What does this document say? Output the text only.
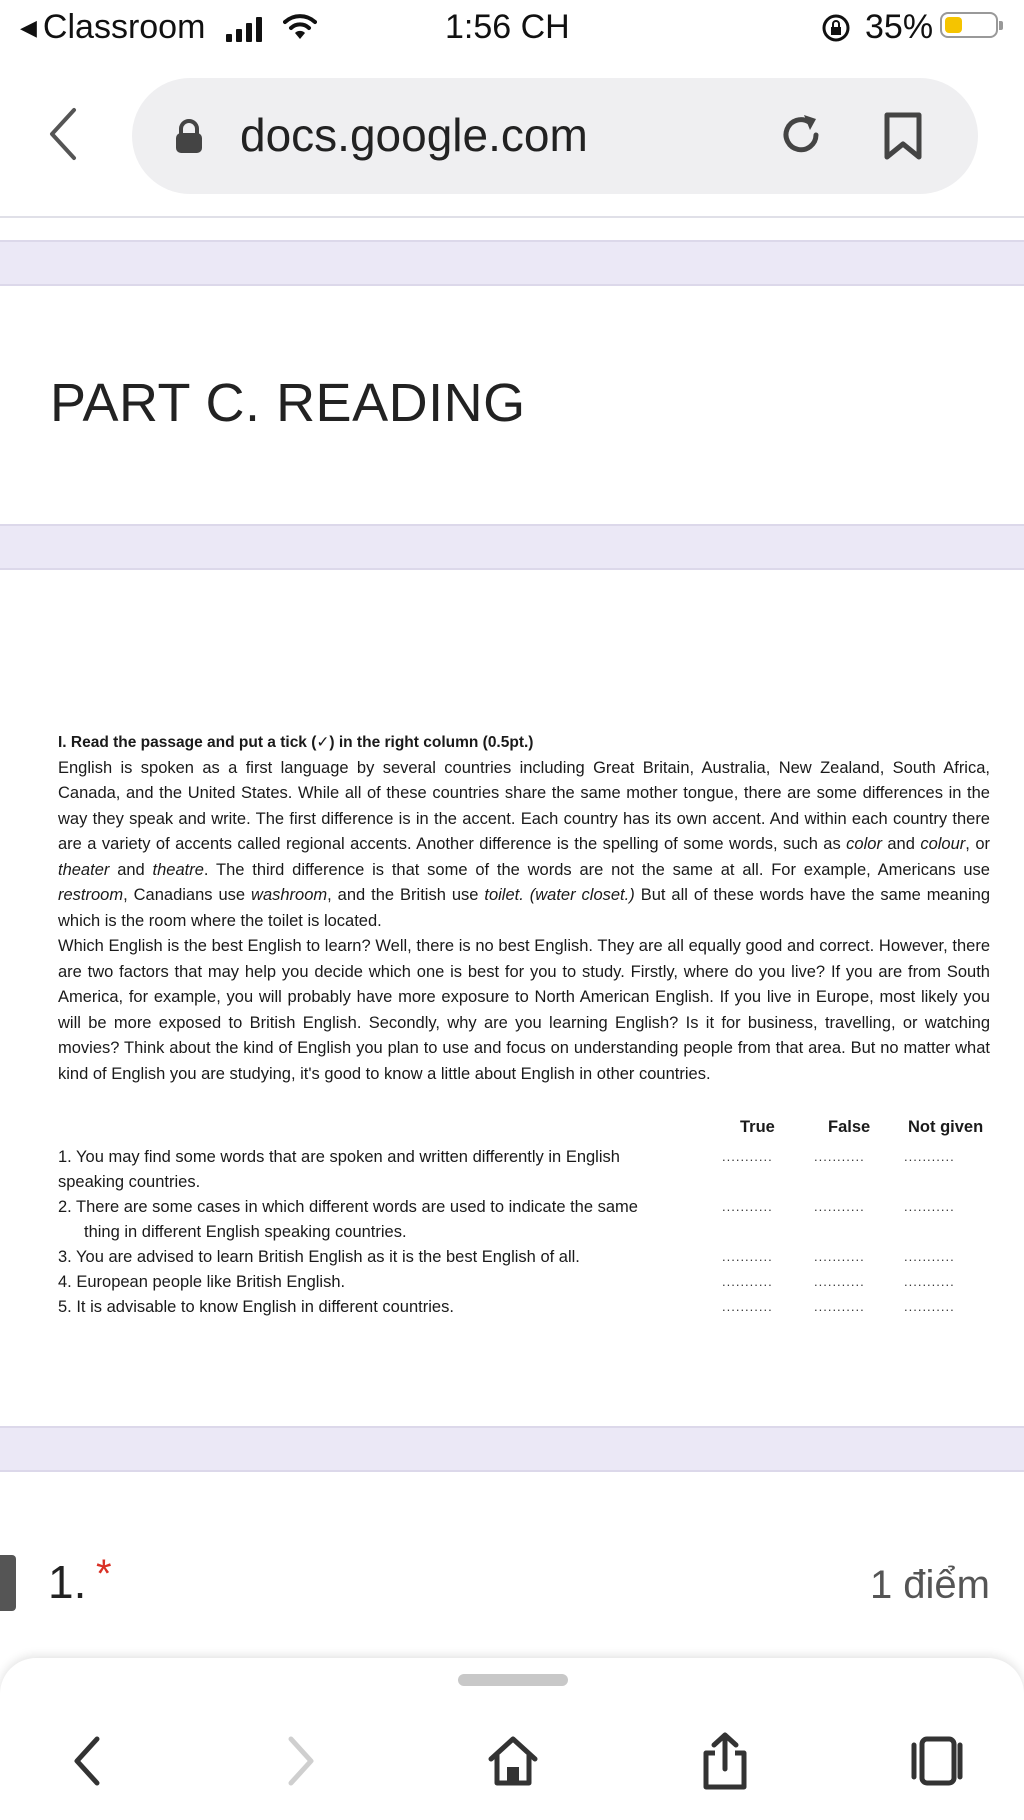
◀ Classroom	1:56 CH	35%
docs.google.com
PART C. READING

I. Read the passage and put a tick (✓) in the right column (0.5pt.)

English is spoken as a first language by several countries including Great Britain, Australia, New Zealand, South Africa, Canada, and the United States. While all of these countries share the same mother tongue, there are some differences in the way they speak and write. The first difference is in the accent. Each country has its own accent. And within each country there are a variety of accents called regional accents. Another difference is the spelling of some words, such as color and colour, or theater and theatre. The third difference is that some of the words are not the same at all. For example, Americans use restroom, Canadians use washroom, and the British use toilet. (water closet.) But all of these words have the same meaning which is the room where the toilet is located.

Which English is the best English to learn? Well, there is no best English. They are all equally good and correct. However, there are two factors that may help you decide which one is best for you to study. Firstly, where do you live? If you are from South America, for example, you will probably have more exposure to North American English. If you live in Europe, most likely you will be more exposed to British English. Secondly, why are you learning English? Is it for business, travelling, or watching movies? Think about the kind of English you plan to use and focus on understanding people from that area. But no matter what kind of English you are studying, it's good to know a little about English in other countries.

True	False Not given
1. You may find some words that are spoken and written differently in English
speaking countries.
...........	...........	...........
2. There are some cases in which different words are used to indicate the same
thing in different English speaking countries.
...........	...........	...........
3. You are advised to learn British English as it is the best English of all.	...........	...........	...........
4. European people like British English.	...........	...........	...........
5. It is advisable to know English in different countries.	...........	...........	...........
1. *	1 điểm
